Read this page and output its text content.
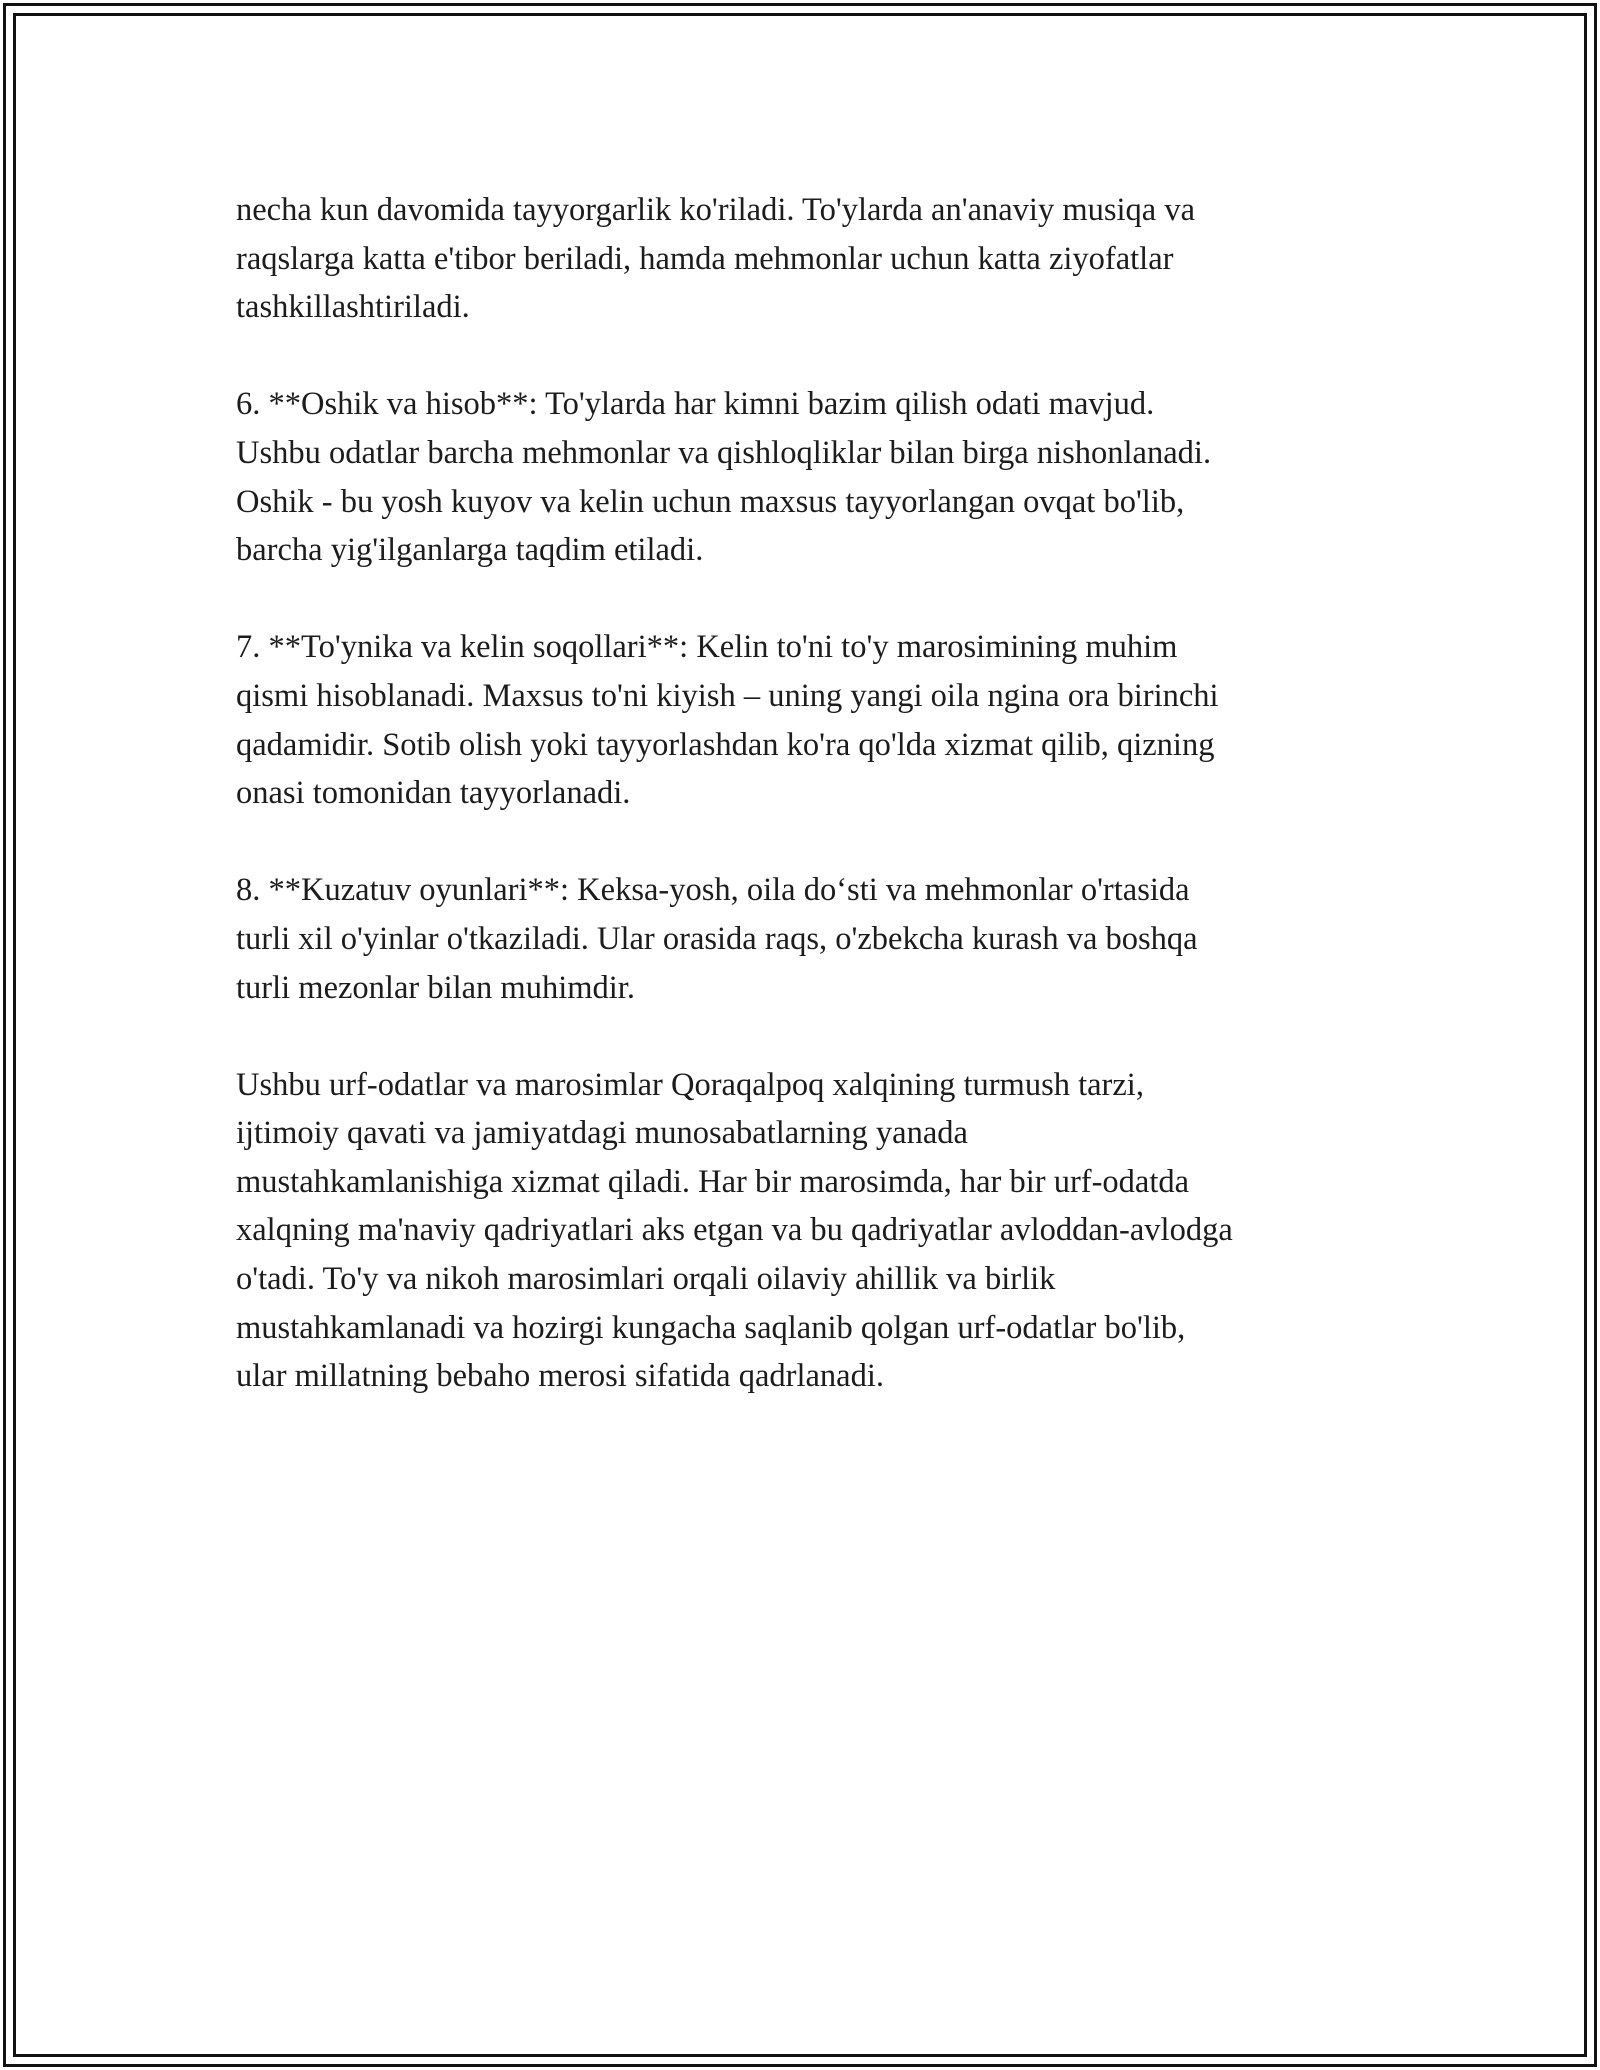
necha kun davomida tayyorgarlik ko'riladi. To'ylarda an'anaviy musiqa va
raqslarga katta e'tibor beriladi, hamda mehmonlar uchun katta ziyofatlar
tashkillashtiriladi.

6. **Oshik va hisob**: To'ylarda har kimni bazim qilish odati mavjud.
Ushbu odatlar barcha mehmonlar va qishloqliklar bilan birga nishonlanadi.
Oshik - bu yosh kuyov va kelin uchun maxsus tayyorlangan ovqat bo'lib,
barcha yig'ilganlarga taqdim etiladi.

7. **To'ynika va kelin soqollari**: Kelin to'ni to'y marosimining muhim
qismi hisoblanadi. Maxsus to'ni kiyish – uning yangi oila ngina ora birinchi
qadamidir. Sotib olish yoki tayyorlashdan ko'ra qo'lda xizmat qilib, qizning
onasi tomonidan tayyorlanadi.

8. **Kuzatuv oyunlari**: Keksa-yosh, oila do‘sti va mehmonlar o'rtasida
turli xil o'yinlar o'tkaziladi. Ular orasida raqs, o'zbekcha kurash va boshqa
turli mezonlar bilan muhimdir.

Ushbu urf-odatlar va marosimlar Qoraqalpoq xalqining turmush tarzi,
ijtimoiy qavati va jamiyatdagi munosabatlarning yanada
mustahkamlanishiga xizmat qiladi. Har bir marosimda, har bir urf-odatda
xalqning ma'naviy qadriyatlari aks etgan va bu qadriyatlar avloddan-avlodga
o'tadi. To'y va nikoh marosimlari orqali oilaviy ahillik va birlik
mustahkamlanadi va hozirgi kungacha saqlanib qolgan urf-odatlar bo'lib,
ular millatning bebaho merosi sifatida qadrlanadi.
